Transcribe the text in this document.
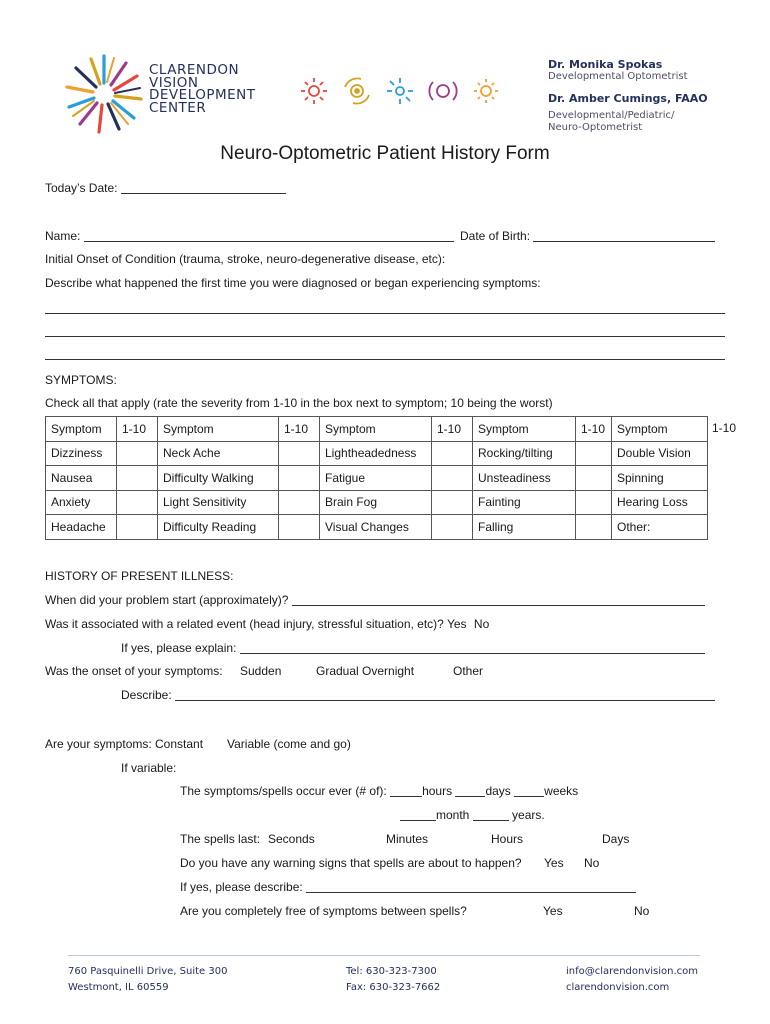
CLARENDON
VISION
DEVELOPMENT
CENTER
Dr. Monika Spokas
Developmental Optometrist
Dr. Amber Cumings, FAAO
Developmental/Pediatric/
Neuro-Optometrist
Neuro-Optometric Patient History Form
Today’s Date:
Name:	Date of Birth:
Initial Onset of Condition (trauma, stroke, neuro-degenerative disease, etc):
Describe what happened the first time you were diagnosed or began experiencing symptoms:
SYMPTOMS:
Check all that apply (rate the severity from 1-10 in the box next to symptom; 10 being the worst)
Symptom	1-10	Symptom	1-10	Symptom	1-10	Symptom	1-10	Symptom
Dizziness		Neck Ache		Lightheadedness		Rocking/tilting		Double Vision
Nausea		Difficulty Walking		Fatigue		Unsteadiness		Spinning
Anxiety		Light Sensitivity		Brain Fog		Fainting		Hearing Loss
Headache		Difficulty Reading		Visual Changes		Falling		Other:
1-10
HISTORY OF PRESENT ILLNESS:
When did your problem start (approximately)?
Was it associated with a related event (head injury, stressful situation, etc)? Yes No
If yes, please explain:
Was the onset of your symptoms: Sudden	Gradual Overnight	Other
Describe:
Are your symptoms: Constant Variable (come and go)
If variable:
The symptoms/spells occur ever (# of):	hours	days	weeks
month	years.
The spells last: Seconds	Minutes	Hours	Days
Do you have any warning signs that spells are about to happen? Yes No
If yes, please describe:
Are you completely free of symptoms between spells?	Yes	No
760 Pasquinelli Drive, Suite 300
Westmont, IL 60559
Tel: 630-323-7300
Fax: 630-323-7662
info@clarendonvision.com
clarendonvision.com
